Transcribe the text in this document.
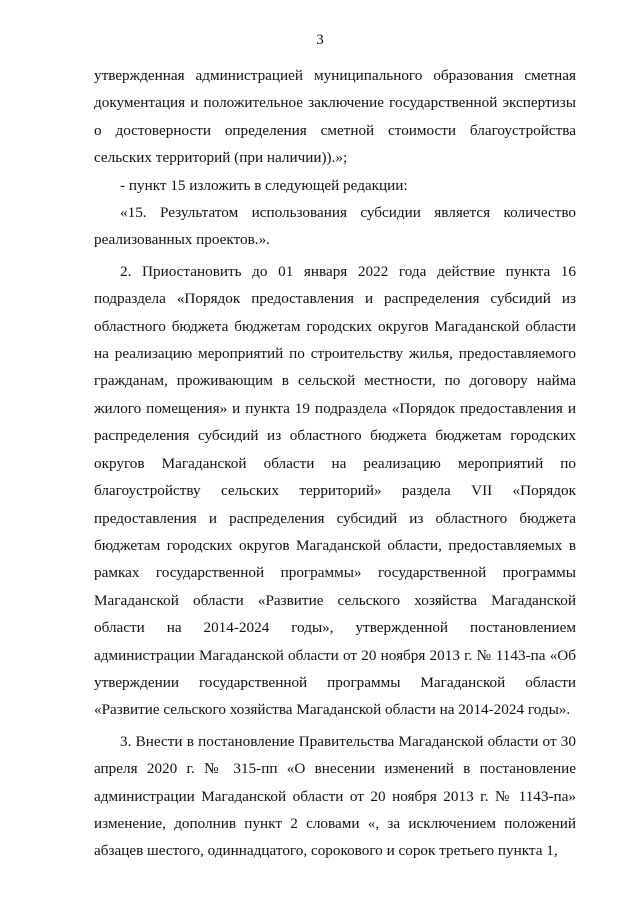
3

утвержденная администрацией муниципального образования сметная документация и положительное заключение государственной экспертизы о достоверности определения сметной стоимости благоустройства сельских территорий (при наличии)).»;

- пункт 15 изложить в следующей редакции:

«15. Результатом использования субсидии является количество реализованных проектов.».

2. Приостановить до 01 января 2022 года действие пункта 16 подраздела «Порядок предоставления и распределения субсидий из областного бюджета бюджетам городских округов Магаданской области на реализацию мероприятий по строительству жилья, предоставляемого гражданам, проживающим в сельской местности, по договору найма жилого помещения» и пункта 19 подраздела «Порядок предоставления и распределения субсидий из областного бюджета бюджетам городских округов Магаданской области на реализацию мероприятий по благоустройству сельских территорий» раздела VII «Порядок предоставления и распределения субсидий из областного бюджета бюджетам городских округов Магаданской области, предоставляемых в рамках государственной программы» государственной программы Магаданской области «Развитие сельского хозяйства Магаданской области на 2014-2024 годы», утвержденной постановлением администрации Магаданской области от 20 ноября 2013 г. № 1143-па «Об утверждении государственной программы Магаданской области «Развитие сельского хозяйства Магаданской области на 2014-2024 годы».

3. Внести в постановление Правительства Магаданской области от 30 апреля 2020 г. № 315-пп «О внесении изменений в постановление администрации Магаданской области от 20 ноября 2013 г. № 1143-па» изменение, дополнив пункт 2 словами «, за исключением положений абзацев шестого, одиннадцатого, сорокового и сорок третьего пункта 1,
